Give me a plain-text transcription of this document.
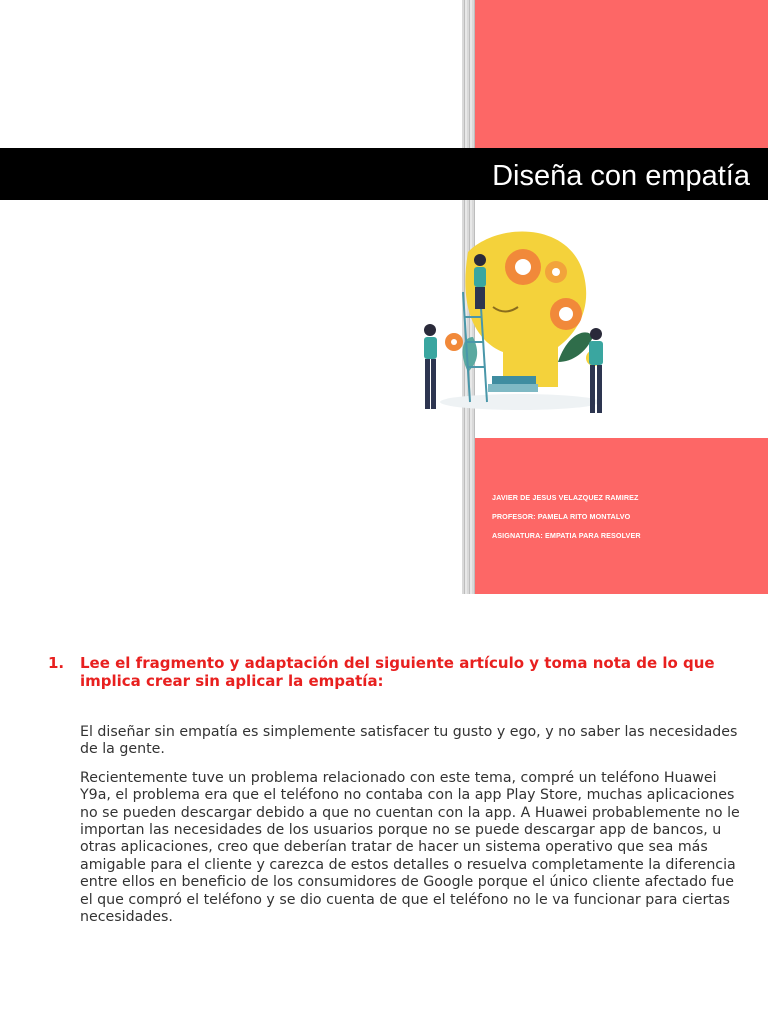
Diseña con empatía
JAVIER DE JESUS VELAZQUEZ RAMIREZ
PROFESOR: PAMELA RITO MONTALVO
ASIGNATURA: EMPATIA PARA RESOLVER
1. Lee el fragmento y adaptación del siguiente artículo y toma nota de lo que implica crear sin aplicar la empatía:

El diseñar sin empatía es simplemente satisfacer tu gusto y ego, y no saber las necesidades de la gente.

Recientemente tuve un problema relacionado con este tema, compré un teléfono Huawei Y9a, el problema era que el teléfono no contaba con la app Play Store, muchas aplicaciones no se pueden descargar debido a que no cuentan con la app. A Huawei probablemente no le importan las necesidades de los usuarios porque no se puede descargar app de bancos, u otras aplicaciones, creo que deberían tratar de hacer un sistema operativo que sea más amigable para el cliente y carezca de estos detalles o resuelva completamente la diferencia entre ellos en beneficio de los consumidores de Google porque el único cliente afectado fue el que compró el teléfono y se dio cuenta de que el teléfono no le va funcionar para ciertas necesidades.
